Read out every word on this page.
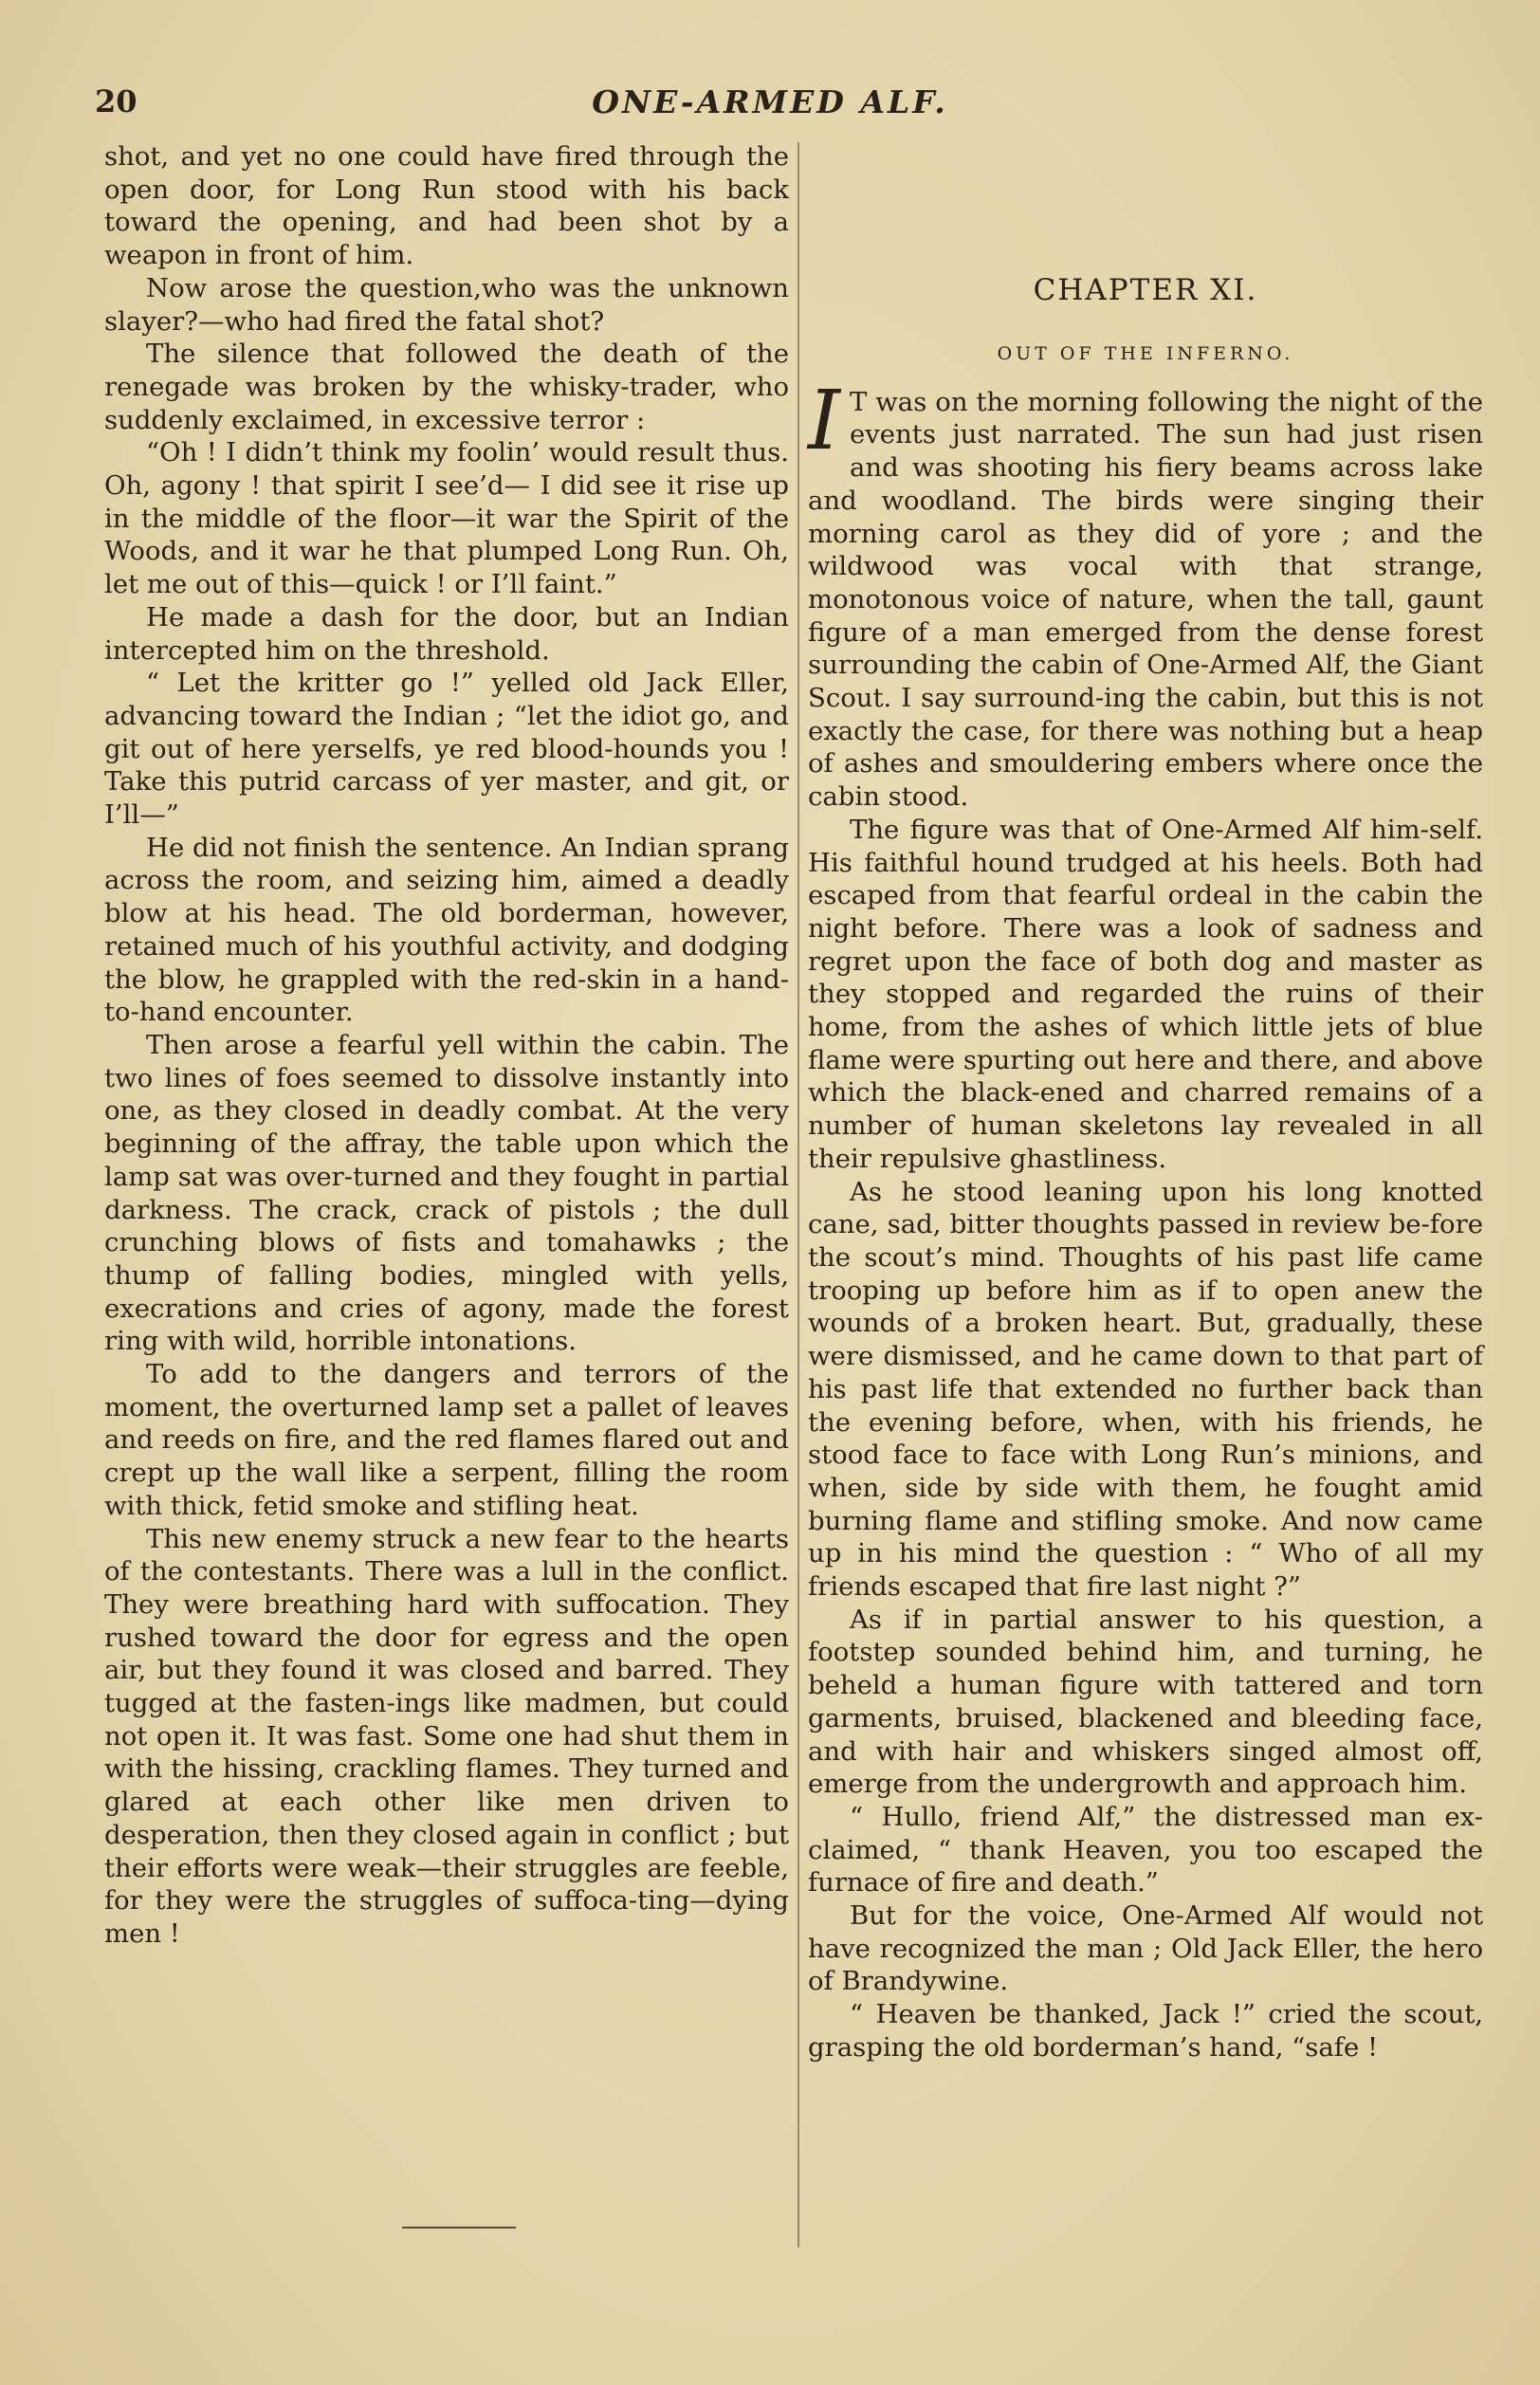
20	ONE-ARMED ALF.

shot, and yet no one could have fired through the open door, for Long Run stood with his back toward the opening, and had been shot by a weapon in front of him.

Now arose the question,who was the unknown slayer?—who had fired the fatal shot?

The silence that followed the death of the renegade was broken by the whisky-trader, who suddenly exclaimed, in excessive terror :

“Oh ! I didn’t think my foolin’ would result thus. Oh, agony ! that spirit I see’d— I did see it rise up in the middle of the floor—it war the Spirit of the Woods, and it war he that plumped Long Run. Oh, let me out of this—quick ! or I’ll faint.”

He made a dash for the door, but an Indian intercepted him on the threshold.

“ Let the kritter go !” yelled old Jack Eller, advancing toward the Indian ; “let the idiot go, and git out of here yerselfs, ye red blood-hounds you ! Take this putrid carcass of yer master, and git, or I’ll—”

He did not finish the sentence. An Indian sprang across the room, and seizing him, aimed a deadly blow at his head. The old borderman, however, retained much of his youthful activity, and dodging the blow, he grappled with the red-skin in a hand-to-hand encounter.

Then arose a fearful yell within the cabin. The two lines of foes seemed to dissolve instantly into one, as they closed in deadly combat. At the very beginning of the affray, the table upon which the lamp sat was over-turned and they fought in partial darkness. The crack, crack of pistols ; the dull crunching blows of fists and tomahawks ; the thump of falling bodies, mingled with yells, execrations and cries of agony, made the forest ring with wild, horrible intonations.

To add to the dangers and terrors of the moment, the overturned lamp set a pallet of leaves and reeds on fire, and the red flames flared out and crept up the wall like a serpent, filling the room with thick, fetid smoke and stifling heat.

This new enemy struck a new fear to the hearts of the contestants. There was a lull in the conflict. They were breathing hard with suffocation. They rushed toward the door for egress and the open air, but they found it was closed and barred. They tugged at the fasten-ings like madmen, but could not open it. It was fast. Some one had shut them in with the hissing, crackling flames. They turned and glared at each other like men driven to desperation, then they closed again in conflict ; but their efforts were weak—their struggles are feeble, for they were the struggles of suffoca-ting—dying men !

CHAPTER XI.
OUT OF THE INFERNO.

I T was on the morning following the night of the events just narrated. The sun had just risen and was shooting his fiery beams across lake and woodland. The birds were singing their morning carol as they did of yore ; and the wildwood was vocal with that strange, monotonous voice of nature, when the tall, gaunt figure of a man emerged from the dense forest surrounding the cabin of One-Armed Alf, the Giant Scout. I say surround-ing the cabin, but this is not exactly the case, for there was nothing but a heap of ashes and smouldering embers where once the cabin stood.

The figure was that of One-Armed Alf him-self. His faithful hound trudged at his heels. Both had escaped from that fearful ordeal in the cabin the night before. There was a look of sadness and regret upon the face of both dog and master as they stopped and regarded the ruins of their home, from the ashes of which little jets of blue flame were spurting out here and there, and above which the black-ened and charred remains of a number of human skeletons lay revealed in all their repulsive ghastliness.

As he stood leaning upon his long knotted cane, sad, bitter thoughts passed in review be-fore the scout’s mind. Thoughts of his past life came trooping up before him as if to open anew the wounds of a broken heart. But, gradually, these were dismissed, and he came down to that part of his past life that extended no further back than the evening before, when, with his friends, he stood face to face with Long Run’s minions, and when, side by side with them, he fought amid burning flame and stifling smoke. And now came up in his mind the question : “ Who of all my friends escaped that fire last night ?”

As if in partial answer to his question, a footstep sounded behind him, and turning, he beheld a human figure with tattered and torn garments, bruised, blackened and bleeding face, and with hair and whiskers singed almost off, emerge from the undergrowth and approach him.

“ Hullo, friend Alf,” the distressed man ex-claimed, “ thank Heaven, you too escaped the furnace of fire and death.”

But for the voice, One-Armed Alf would not have recognized the man ; Old Jack Eller, the hero of Brandywine.

“ Heaven be thanked, Jack !” cried the scout, grasping the old borderman’s hand, “safe !
